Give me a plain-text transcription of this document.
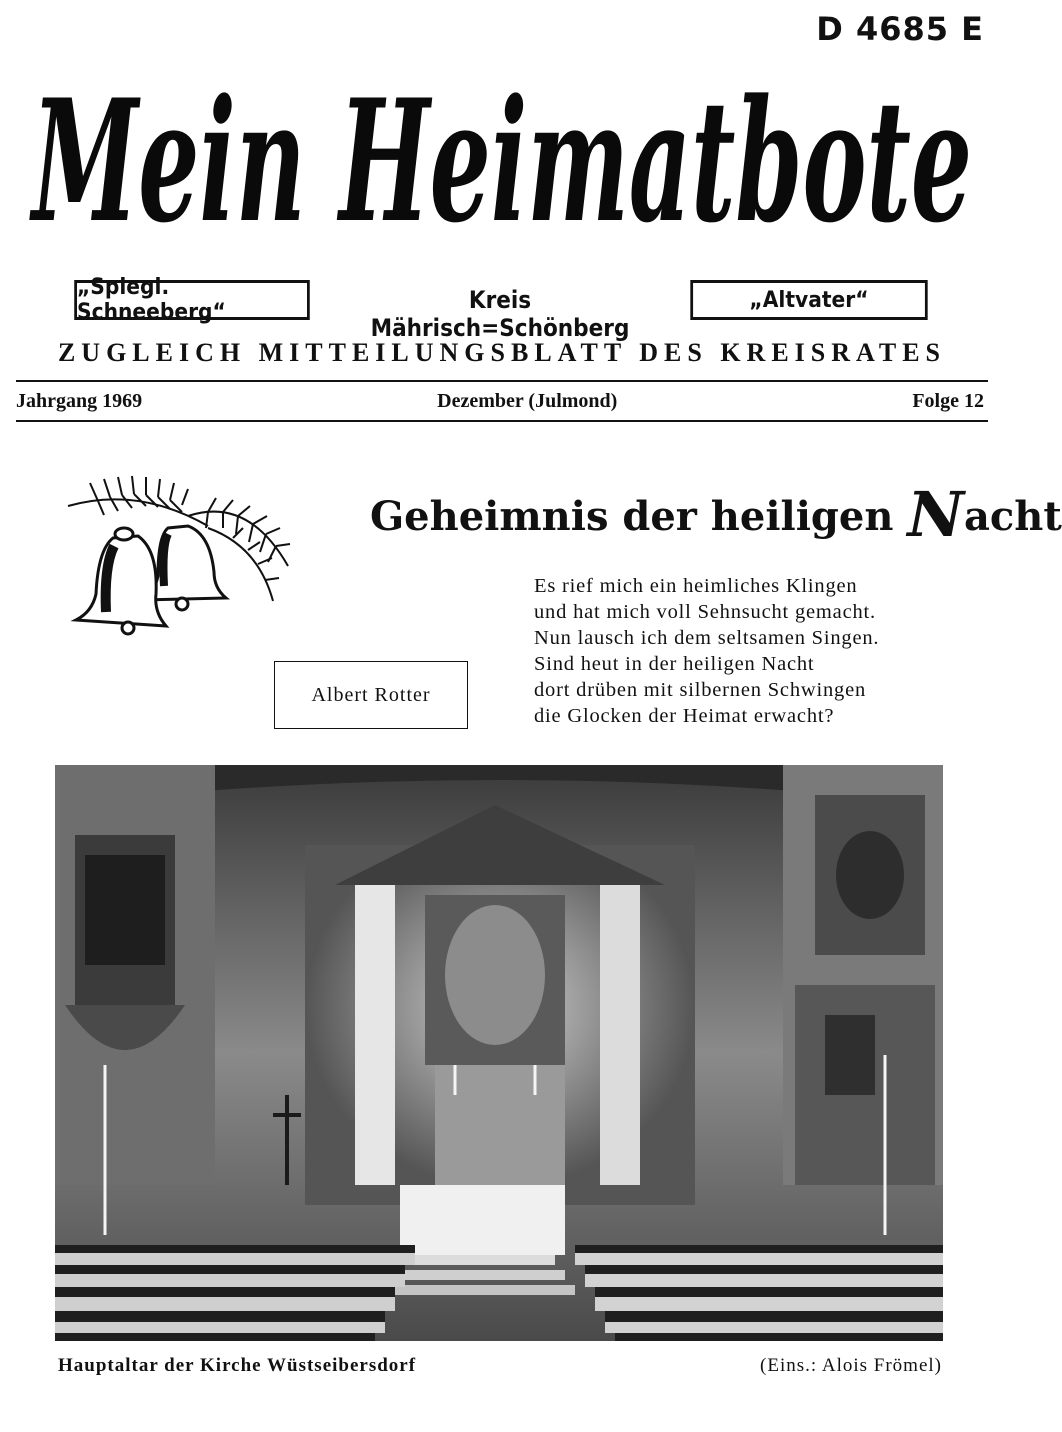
D 4685 E
Mein Heimatbote
„Spiegl. Schneeberg“	Kreis Mährisch=Schönberg
„Altvater“
ZUGLEICH MITTEILUNGSBLATT DES KREISRATES
Jahrgang 1969	Dezember (Julmond)	Folge 12
Geheimnis der heiligen Nacht
Albert Rotter
Es rief mich ein heimliches Klingen
und hat mich voll Sehnsucht gemacht.
Nun lausch ich dem seltsamen Singen.
Sind heut in der heiligen Nacht
dort drüben mit silbernen Schwingen
die Glocken der Heimat erwacht?
Hauptaltar der Kirche Wüstseibersdorf	(Eins.: Alois Frömel)
